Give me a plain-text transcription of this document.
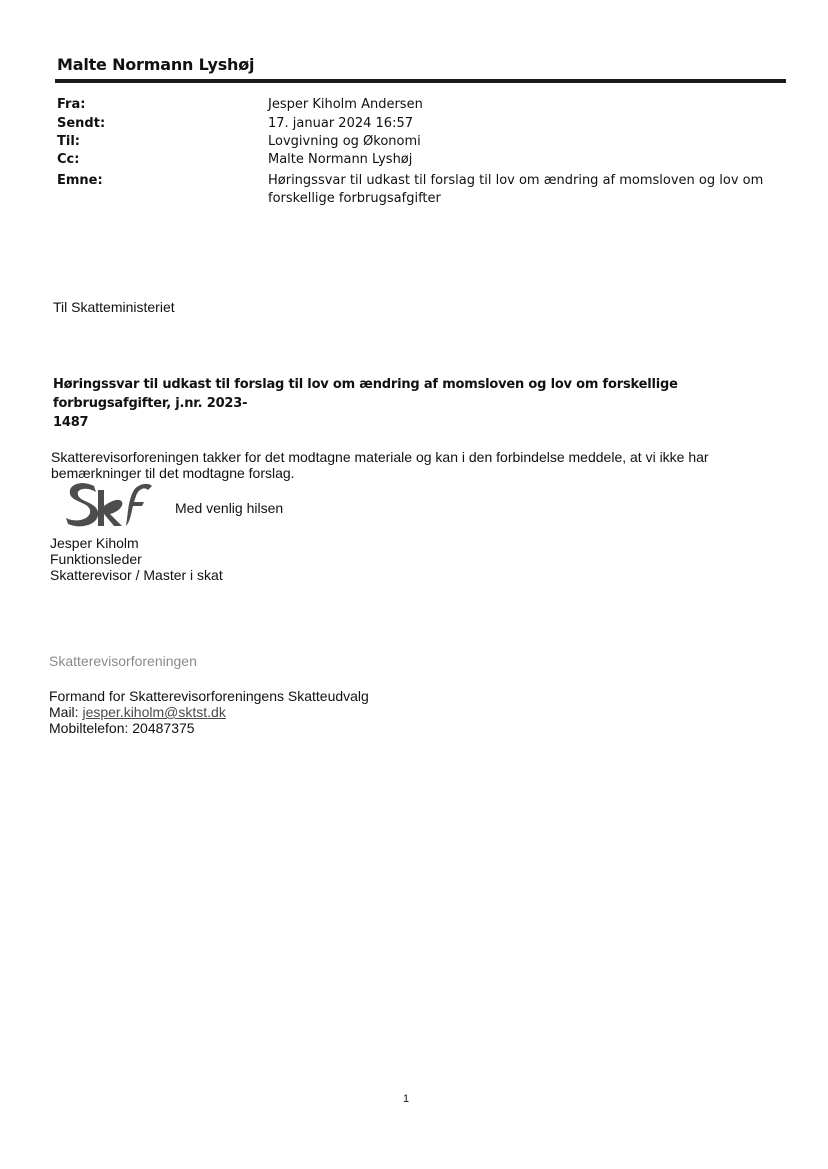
Malte Normann Lyshøj
Fra:	Jesper Kiholm Andersen
Sendt:	17. januar 2024 16:57
Til:	Lovgivning og Økonomi
Cc:	Malte Normann Lyshøj
Emne:	Høringssvar til udkast til forslag til lov om ændring af momsloven og lov om
forskellige forbrugsafgifter
Til Skatteministeriet
Høringssvar til udkast til forslag til lov om ændring af momsloven og lov om forskellige forbrugsafgifter, j.nr. 2023-
1487
Skatterevisorforeningen takker for det modtagne materiale og kan i den forbindelse meddele, at vi ikke har
bemærkninger til det modtagne forslag.
Med venlig hilsen
Jesper Kiholm
Funktionsleder
Skatterevisor / Master i skat
Skatterevisorforeningen
Formand for Skatterevisorforeningens Skatteudvalg
Mail: jesper.kiholm@sktst.dk
Mobiltelefon: 20487375
1
